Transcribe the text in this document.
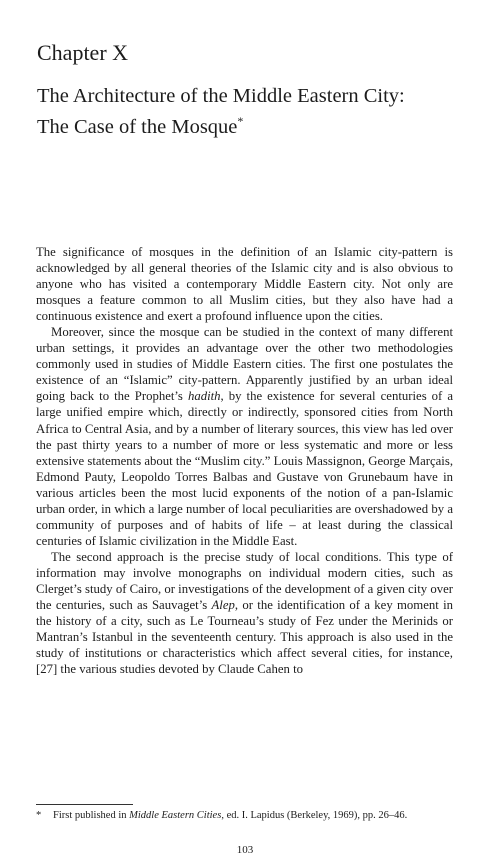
Chapter X
The Architecture of the Middle Eastern City:
The Case of the Mosque*

The significance of mosques in the definition of an Islamic city-pattern is acknowledged by all general theories of the Islamic city and is also obvious to anyone who has visited a contemporary Middle Eastern city. Not only are mosques a feature common to all Muslim cities, but they also have had a continuous existence and exert a profound influence upon the cities.

Moreover, since the mosque can be studied in the context of many different urban settings, it provides an advantage over the other two methodologies commonly used in studies of Middle Eastern cities. The first one postulates the existence of an “Islamic” city-pattern. Apparently justified by an urban ideal going back to the Prophet’s hadith, by the existence for several centuries of a large unified empire which, directly or indirectly, sponsored cities from North Africa to Central Asia, and by a number of literary sources, this view has led over the past thirty years to a number of more or less systematic and more or less extensive statements about the “Muslim city.” Louis Massignon, George Marçais, Edmond Pauty, Leopoldo Torres Balbas and Gustave von Grunebaum have in various articles been the most lucid exponents of the notion of a pan-Islamic urban order, in which a large number of local peculiarities are overshadowed by a community of purposes and of habits of life – at least during the classical centuries of Islamic civilization in the Middle East.

The second approach is the precise study of local conditions. This type of information may involve monographs on individual modern cities, such as Clerget’s study of Cairo, or investigations of the development of a given city over the centuries, such as Sauvaget’s Alep, or the identification of a key moment in the history of a city, such as Le Tourneau’s study of Fez under the Merinids or Mantran’s Istanbul in the seventeenth century. This approach is also used in the study of institutions or characteristics which affect several cities, for instance, [27] the various studies devoted by Claude Cahen to

* First published in Middle Eastern Cities, ed. I. Lapidus (Berkeley, 1969), pp. 26–46.
103
